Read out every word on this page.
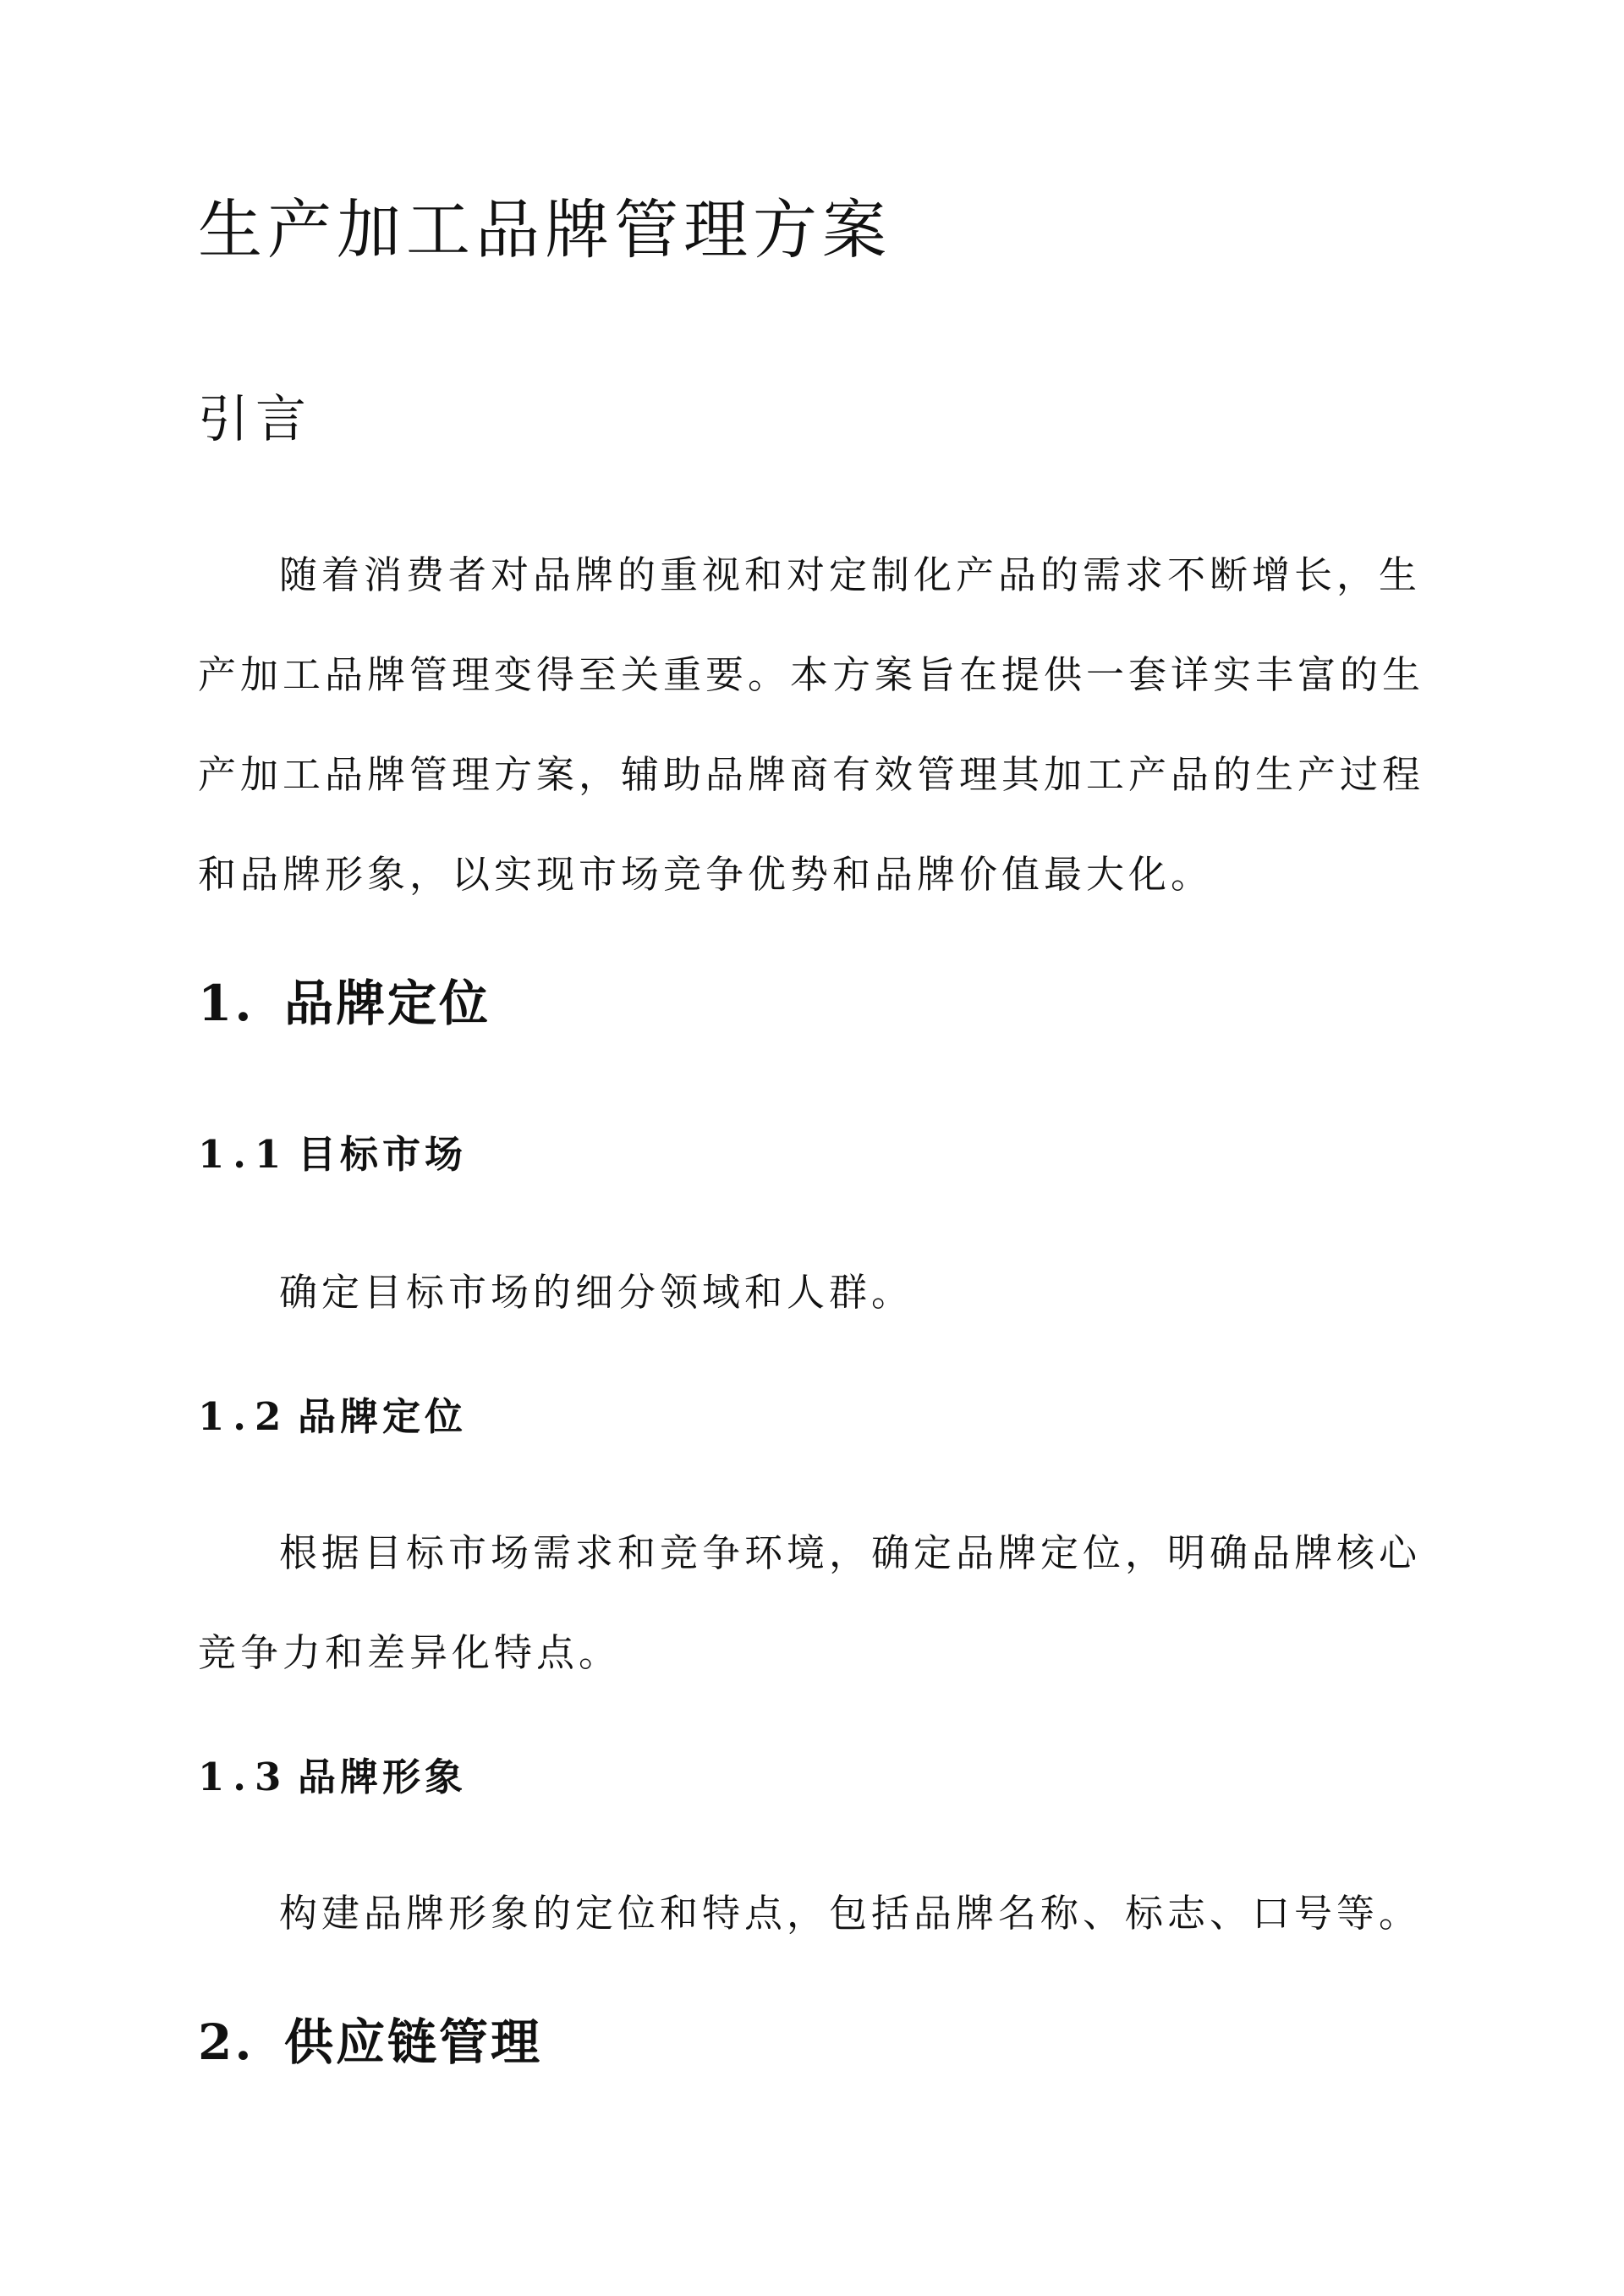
生产加工品牌管理方案
引言
随着消费者对品牌的重视和对定制化产品的需求不断增长，生
产加工品牌管理变得至关重要。本方案旨在提供一套详实丰富的生
产加工品牌管理方案，辅助品牌商有效管理其加工产品的生产过程
和品牌形象，以实现市场竞争优势和品牌价值最大化。
1. 品牌定位
1.1 目标市场
确定目标市场的细分领域和人群。
1.2 品牌定位
根据目标市场需求和竞争环境，确定品牌定位，明确品牌核心
竞争力和差异化特点。
1.3 品牌形象
构建品牌形象的定位和特点，包括品牌名称、标志、口号等。
2. 供应链管理
